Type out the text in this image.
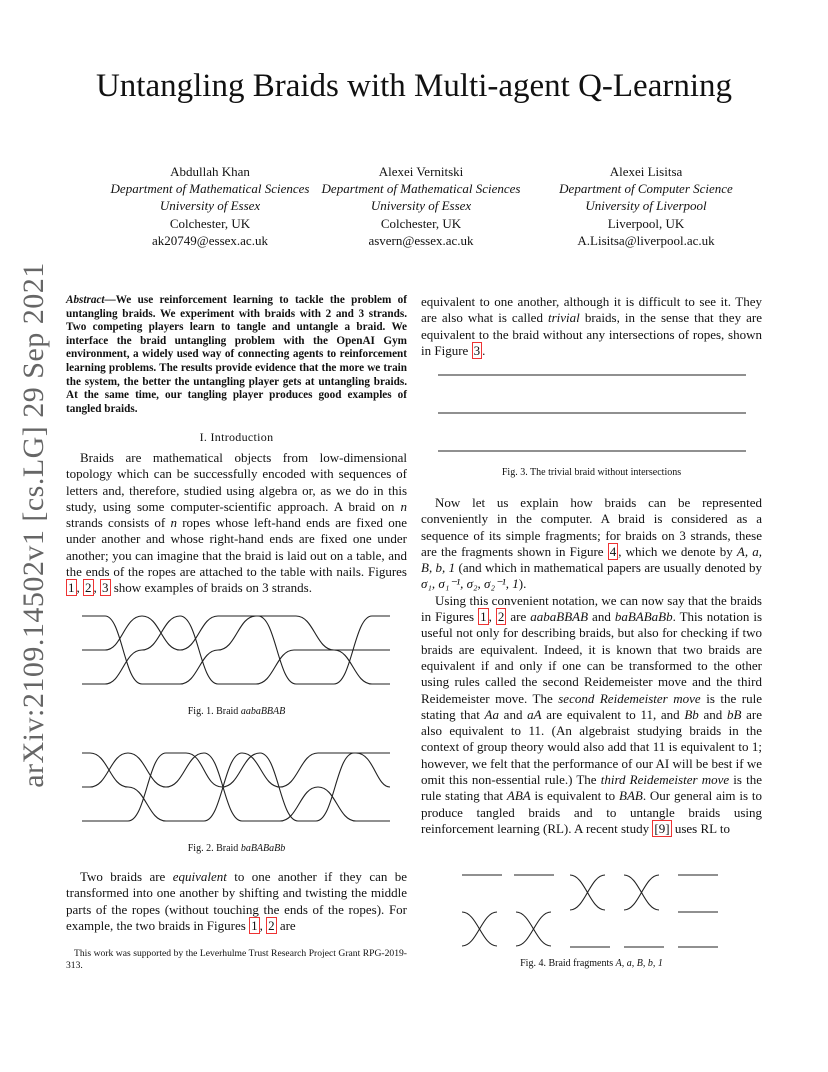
arXiv:2109.14502v1 [cs.LG] 29 Sep 2021
Untangling Braids with Multi-agent Q-Learning
Abdullah Khan
Department of Mathematical Sciences
University of Essex
Colchester, UK
ak20749@essex.ac.uk
Alexei Vernitski
Department of Mathematical Sciences
University of Essex
Colchester, UK
asvern@essex.ac.uk
Alexei Lisitsa
Department of Computer Science
University of Liverpool
Liverpool, UK
A.Lisitsa@liverpool.ac.uk
Abstract—We use reinforcement learning to tackle the problem of untangling braids. We experiment with braids with 2 and 3 strands. Two competing players learn to tangle and untangle a braid. We interface the braid untangling problem with the OpenAI Gym environment, a widely used way of connecting agents to reinforcement learning problems. The results provide evidence that the more we train the system, the better the untangling player gets at untangling braids. At the same time, our tangling player produces good examples of tangled braids.
I. Introduction

Braids are mathematical objects from low-dimensional topology which can be successfully encoded with sequences of letters and, therefore, studied using algebra or, as we do in this study, using some computer-scientific approach. A braid on n strands consists of n ropes whose left-hand ends are fixed one under another and whose right-hand ends are fixed one under another; you can imagine that the braid is laid out on a table, and the ends of the ropes are attached to the table with nails. Figures 1 , 2 , 3 show examples of braids on 3 strands.

Fig. 1. Braid aabaBBAB
Fig. 2. Braid baBABaBb

Two braids are equivalent to one another if they can be transformed into one another by shifting and twisting the middle parts of the ropes (without touching the ends of the ropes). For example, the two braids in Figures 1 , 2 are

This work was supported by the Leverhulme Trust Research Project Grant RPG-2019-313.

equivalent to one another, although it is difficult to see it. They are also what is called trivial braids, in the sense that they are equivalent to the braid without any intersections of ropes, shown in Figure 3 .

Fig. 3. The trivial braid without intersections

Now let us explain how braids can be represented conveniently in the computer. A braid is considered as a sequence of its simple fragments; for braids on 3 strands, these are the fragments shown in Figure 4 , which we denote by A, a, B, b, 1 (and which in mathematical papers are usually denoted by σ₁, σ₁⁻¹, σ₂, σ₂⁻¹, 1).

Using this convenient notation, we can now say that the braids in Figures 1 , 2 are aabaBBAB and baBABaBb. This notation is useful not only for describing braids, but also for checking if two braids are equivalent. Indeed, it is known that two braids are equivalent if and only if one can be transformed to the other using rules called the second Reidemeister move and the third Reidemeister move. The second Reidemeister move is the rule stating that Aa and aA are equivalent to 11, and Bb and bB are also equivalent to 11. (An algebraist studying braids in the context of group theory would also add that 11 is equivalent to 1; however, we felt that the performance of our AI will be best if we omit this non-essential rule.) The third Reidemeister move is the rule stating that ABA is equivalent to BAB. Our general aim is to produce tangled braids and to untangle braids using reinforcement learning (RL). A recent study [9] uses RL to

Fig. 4. Braid fragments A, a, B, b, 1
